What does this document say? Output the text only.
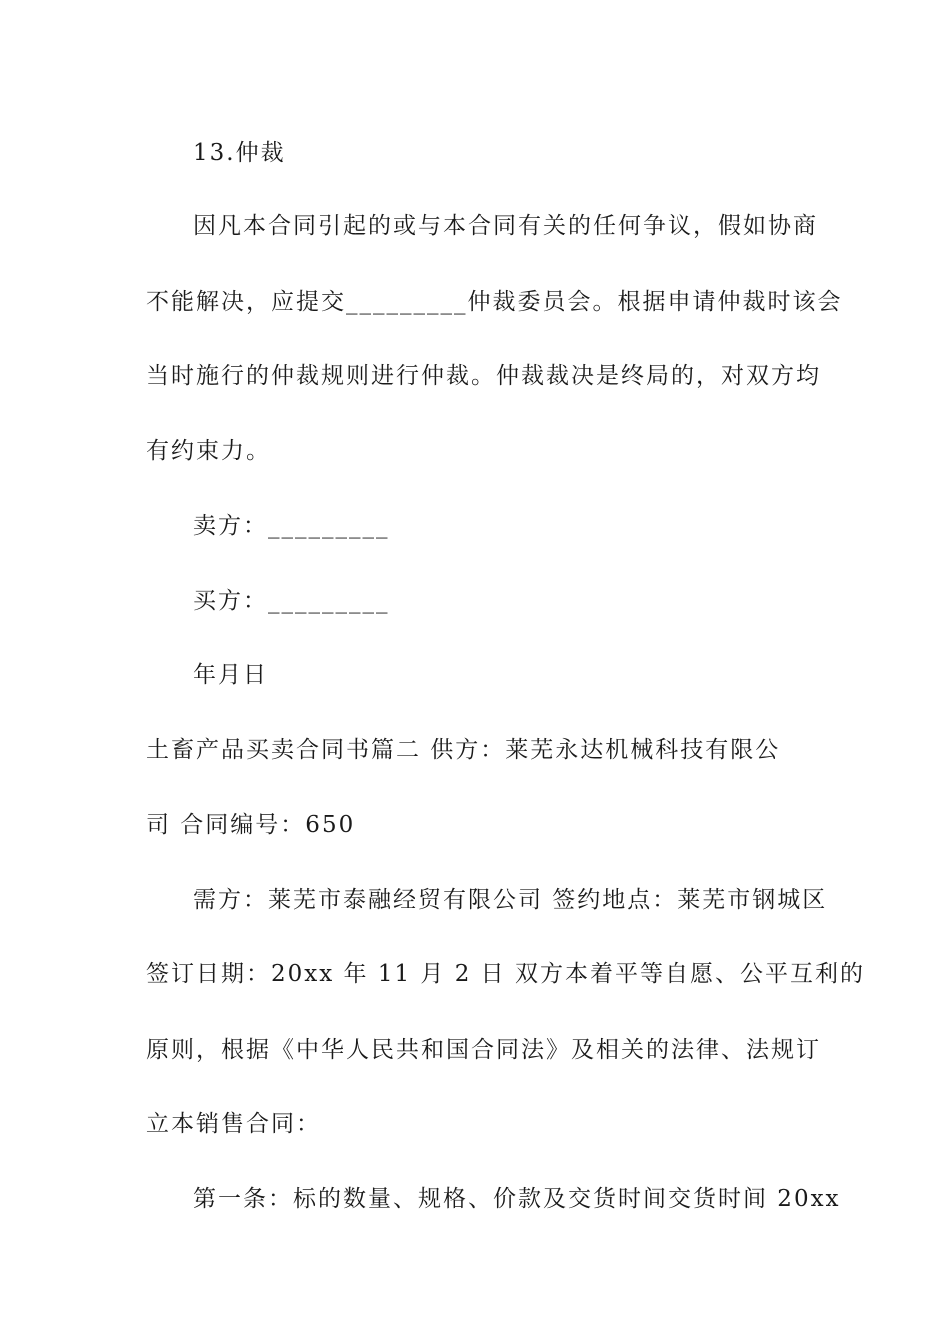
13.仲裁
因凡本合同引起的或与本合同有关的任何争议，假如协商
不能解决，应提交_________仲裁委员会。根据申请仲裁时该会
当时施行的仲裁规则进行仲裁。仲裁裁决是终局的，对双方均
有约束力。
卖方：_________
买方：_________
年月日
土畜产品买卖合同书篇二 供方：莱芜永达机械科技有限公
司 合同编号：650
需方：莱芜市泰融经贸有限公司 签约地点：莱芜市钢城区
签订日期：20xx 年 11 月 2 日 双方本着平等自愿、公平互利的
原则，根据《中华人民共和国合同法》及相关的法律、法规订
立本销售合同：
第一条：标的数量、规格、价款及交货时间交货时间 20xx
